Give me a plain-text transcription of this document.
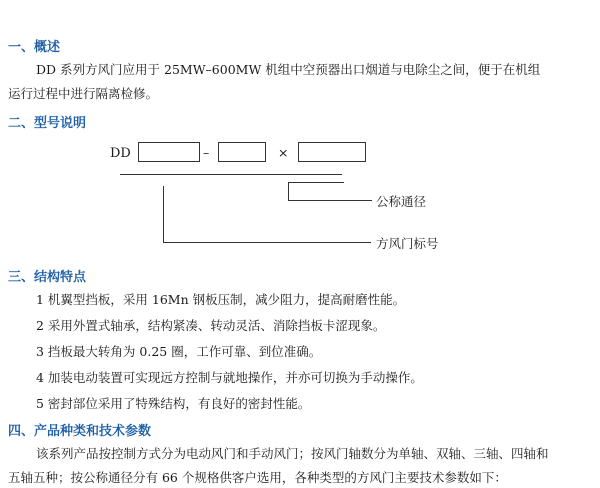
一、概述
DD 系列方风门应用于 25MW–600MW 机组中空预器出口烟道与电除尘之间，便于在机组
运行过程中进行隔离检修。
二、型号说明
DD	–	×
公称通径
方风门标号
三、结构特点
1 机翼型挡板，采用 16Mn 钢板压制，减少阻力，提高耐磨性能。
2 采用外置式轴承，结构紧凑、转动灵活、消除挡板卡涩现象。
3 挡板最大转角为 0.25 圈，工作可靠、到位准确。
4 加装电动装置可实现远方控制与就地操作，并亦可切换为手动操作。
5 密封部位采用了特殊结构，有良好的密封性能。
四、产品种类和技术参数
该系列产品按控制方式分为电动风门和手动风门；按风门轴数分为单轴、双轴、三轴、四轴和
五轴五种；按公称通径分有 66 个规格供客户选用，各种类型的方风门主要技术参数如下：
